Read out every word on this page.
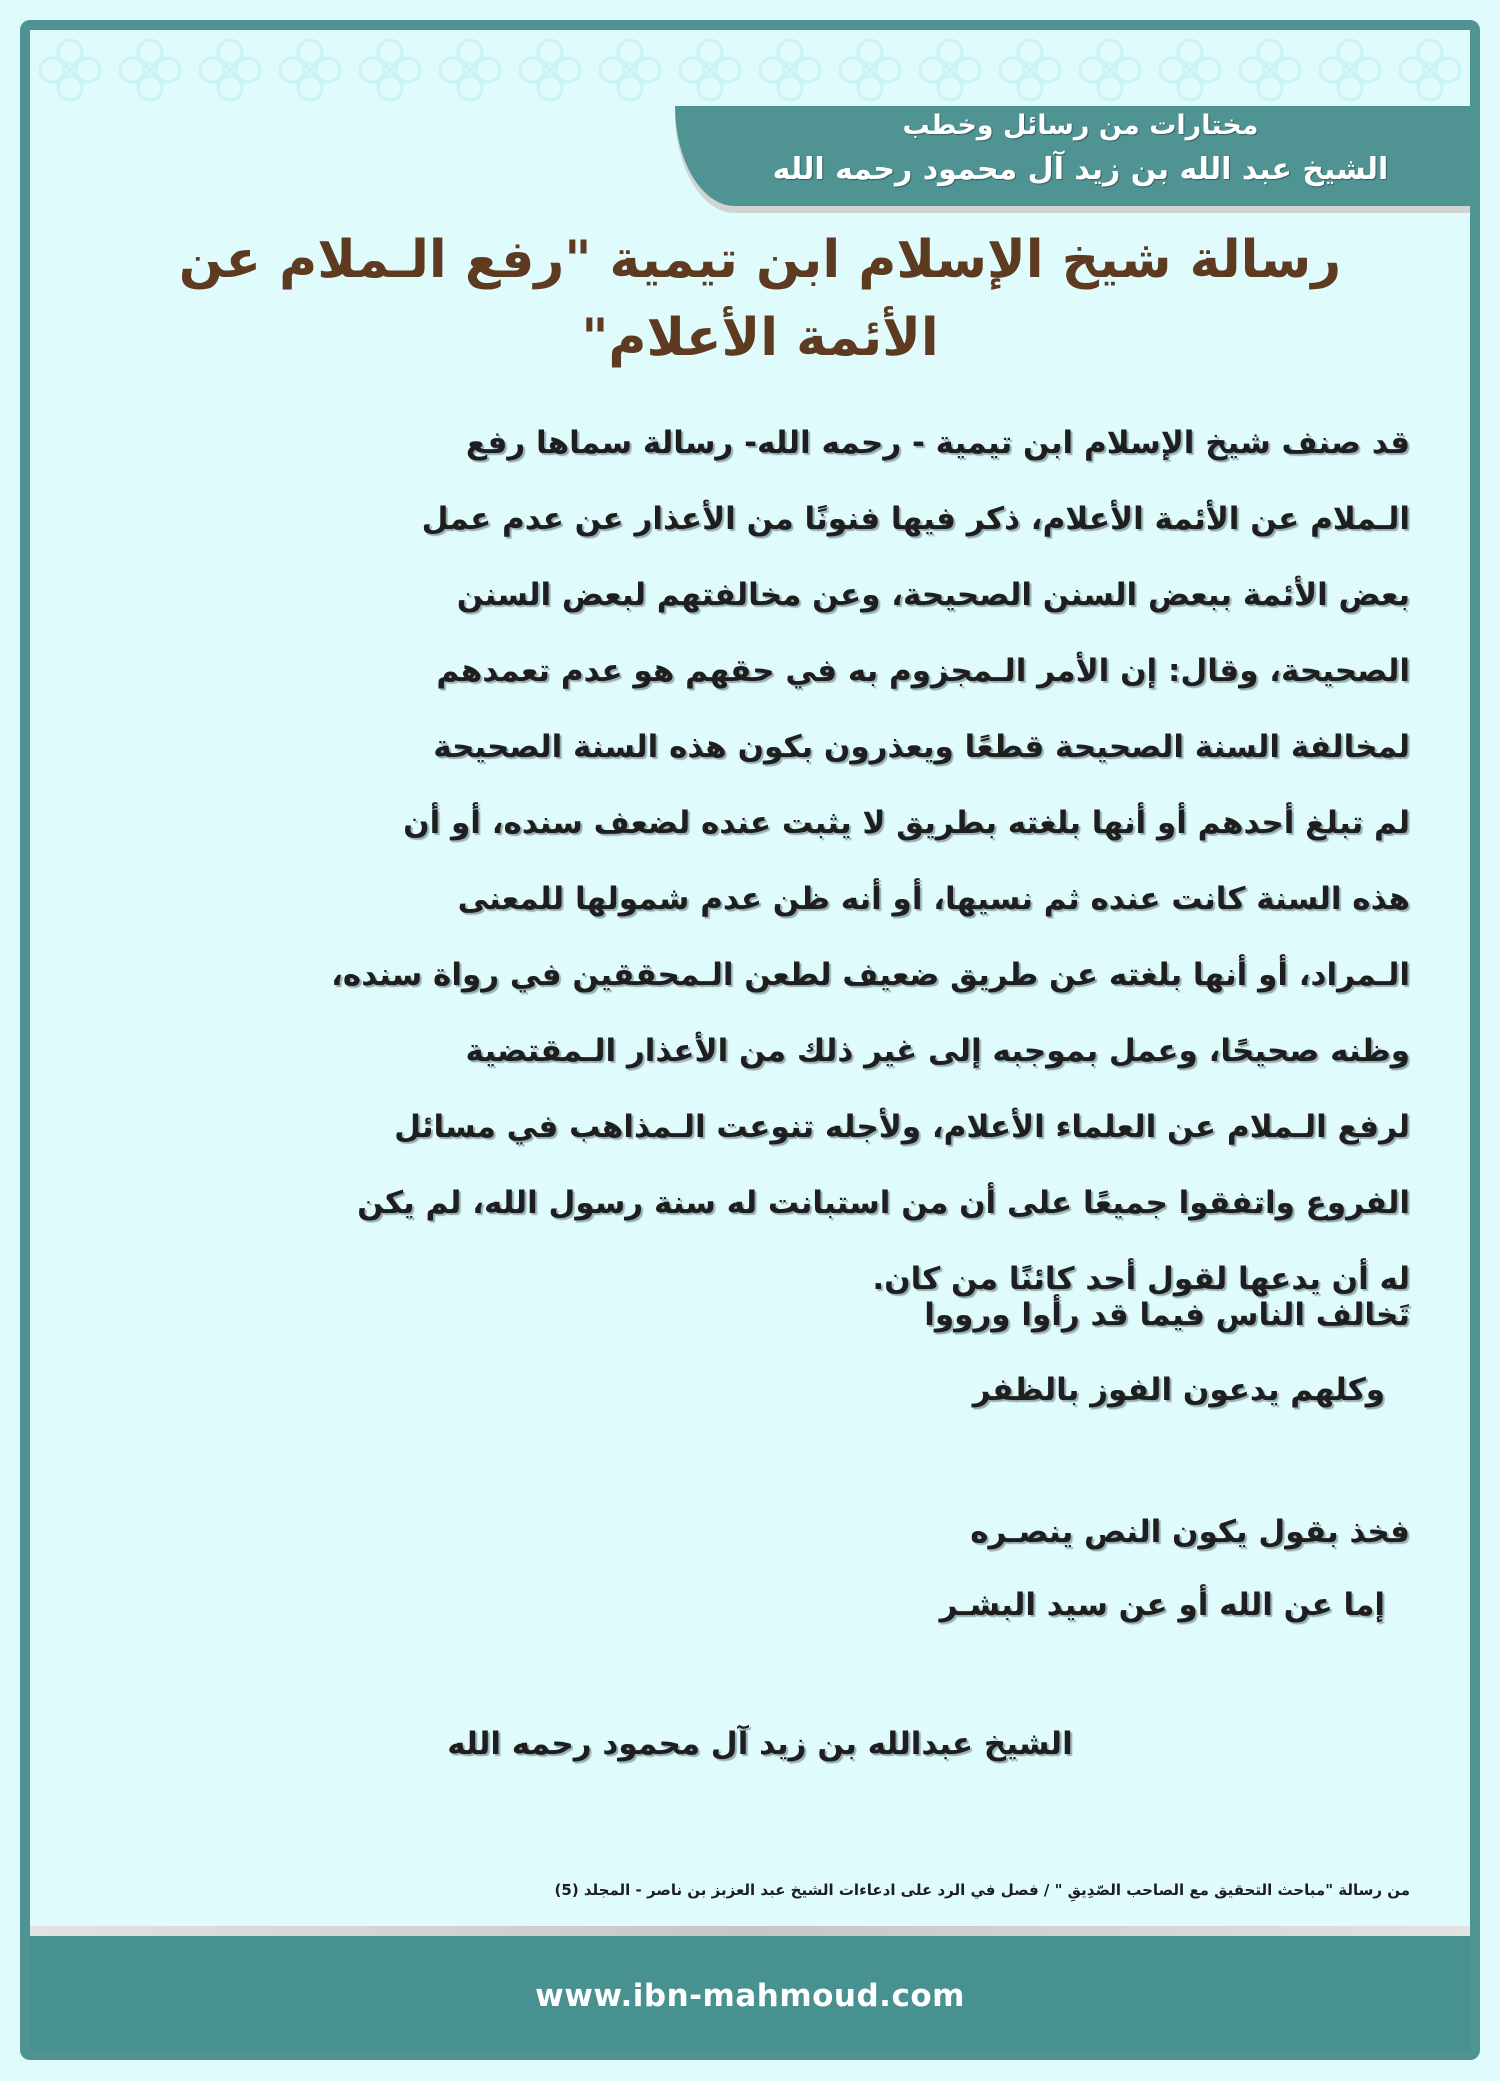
مختارات من رسائل وخطب
الشيخ عبد الله بن زيد آل محمود رحمه الله
رسالة شيخ الإسلام ابن تيمية "رفع الـملام عن
الأئمة الأعلام"
قد صنف شيخ الإسلام ابن تيمية - رحمه الله- رسالة سماها رفع
الـملام عن الأئمة الأعلام، ذكر فيها فنونًا من الأعذار عن عدم عمل
بعض الأئمة ببعض السنن الصحيحة، وعن مخالفتهم لبعض السنن
الصحيحة، وقال: إن الأمر الـمجزوم به في حقهم هو عدم تعمدهم
لمخالفة السنة الصحيحة قطعًا ويعذرون بكون هذه السنة الصحيحة
لم تبلغ أحدهم أو أنها بلغته بطريق لا يثبت عنده لضعف سنده، أو أن
هذه السنة كانت عنده ثم نسيها، أو أنه ظن عدم شمولها للمعنى
الـمراد، أو أنها بلغته عن طريق ضعيف لطعن الـمحققين في رواة سنده،
وظنه صحيحًا، وعمل بموجبه إلى غير ذلك من الأعذار الـمقتضية
لرفع الـملام عن العلماء الأعلام، ولأجله تنوعت الـمذاهب في مسائل
الفروع واتفقوا جميعًا على أن من استبانت له سنة رسول الله، لم يكن
له أن يدعها لقول أحد كائنًا من كان.
تَخالف الناس فيما قد رأوا ورووا
وكلهم يدعون الفوز بالظفر
فخذ بقول يكون النص ينصـره
إما عن الله أو عن سيد البشـر
الشيخ عبدالله بن زيد آل محمود رحمه الله
من رسالة "مباحث التحقيق مع الصاحب الصّدِيقِ " / فصل في الرد على ادعاءات الشيخ عبد العزبز بن ناصر - المجلد (5)
www.ibn-mahmoud.com
